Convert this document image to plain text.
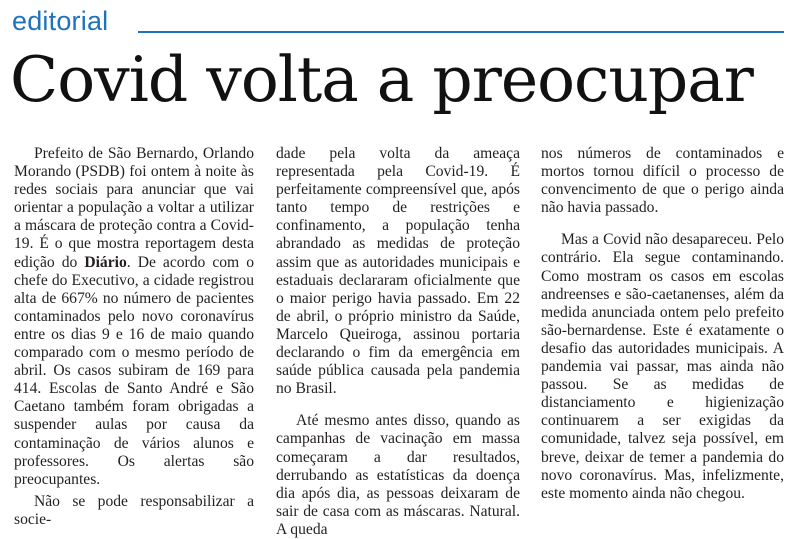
editorial
Covid volta a preocupar

Prefeito de São Bernardo, Orlando Morando (PSDB) foi ontem à noite às redes sociais para anunciar que vai orientar a população a voltar a utilizar a máscara de proteção contra a Covid-19. É o que mostra reportagem desta edição do Diário. De acordo com o chefe do Executivo, a cidade registrou alta de 667% no número de pacientes contaminados pelo novo coronavírus entre os dias 9 e 16 de maio quando comparado com o mesmo período de abril. Os casos subiram de 169 para 414. Escolas de Santo André e São Caetano também foram obrigadas a suspender aulas por causa da contaminação de vários alunos e professores. Os alertas são preocupantes.

Não se pode responsabilizar a socie-

dade pela volta da ameaça representada pela Covid-19. É perfeitamente compreensível que, após tanto tempo de restrições e confinamento, a população tenha abrandado as medidas de proteção assim que as autoridades municipais e estaduais declararam oficialmente que o maior perigo havia passado. Em 22 de abril, o próprio ministro da Saúde, Marcelo Queiroga, assinou portaria declarando o fim da emergência em saúde pública causada pela pandemia no Brasil.

Até mesmo antes disso, quando as campanhas de vacinação em massa começaram a dar resultados, derrubando as estatísticas da doença dia após dia, as pessoas deixaram de sair de casa com as máscaras. Natural. A queda

nos números de contaminados e mortos tornou difícil o processo de convencimento de que o perigo ainda não havia passado.

Mas a Covid não desapareceu. Pelo contrário. Ela segue contaminando. Como mostram os casos em escolas andreenses e são-caetanenses, além da medida anunciada ontem pelo prefeito são-bernardense. Este é exatamente o desafio das autoridades municipais. A pandemia vai passar, mas ainda não passou. Se as medidas de distanciamento e higienização continuarem a ser exigidas da comunidade, talvez seja possível, em breve, deixar de temer a pandemia do novo coronavírus. Mas, infelizmente, este momento ainda não chegou.
